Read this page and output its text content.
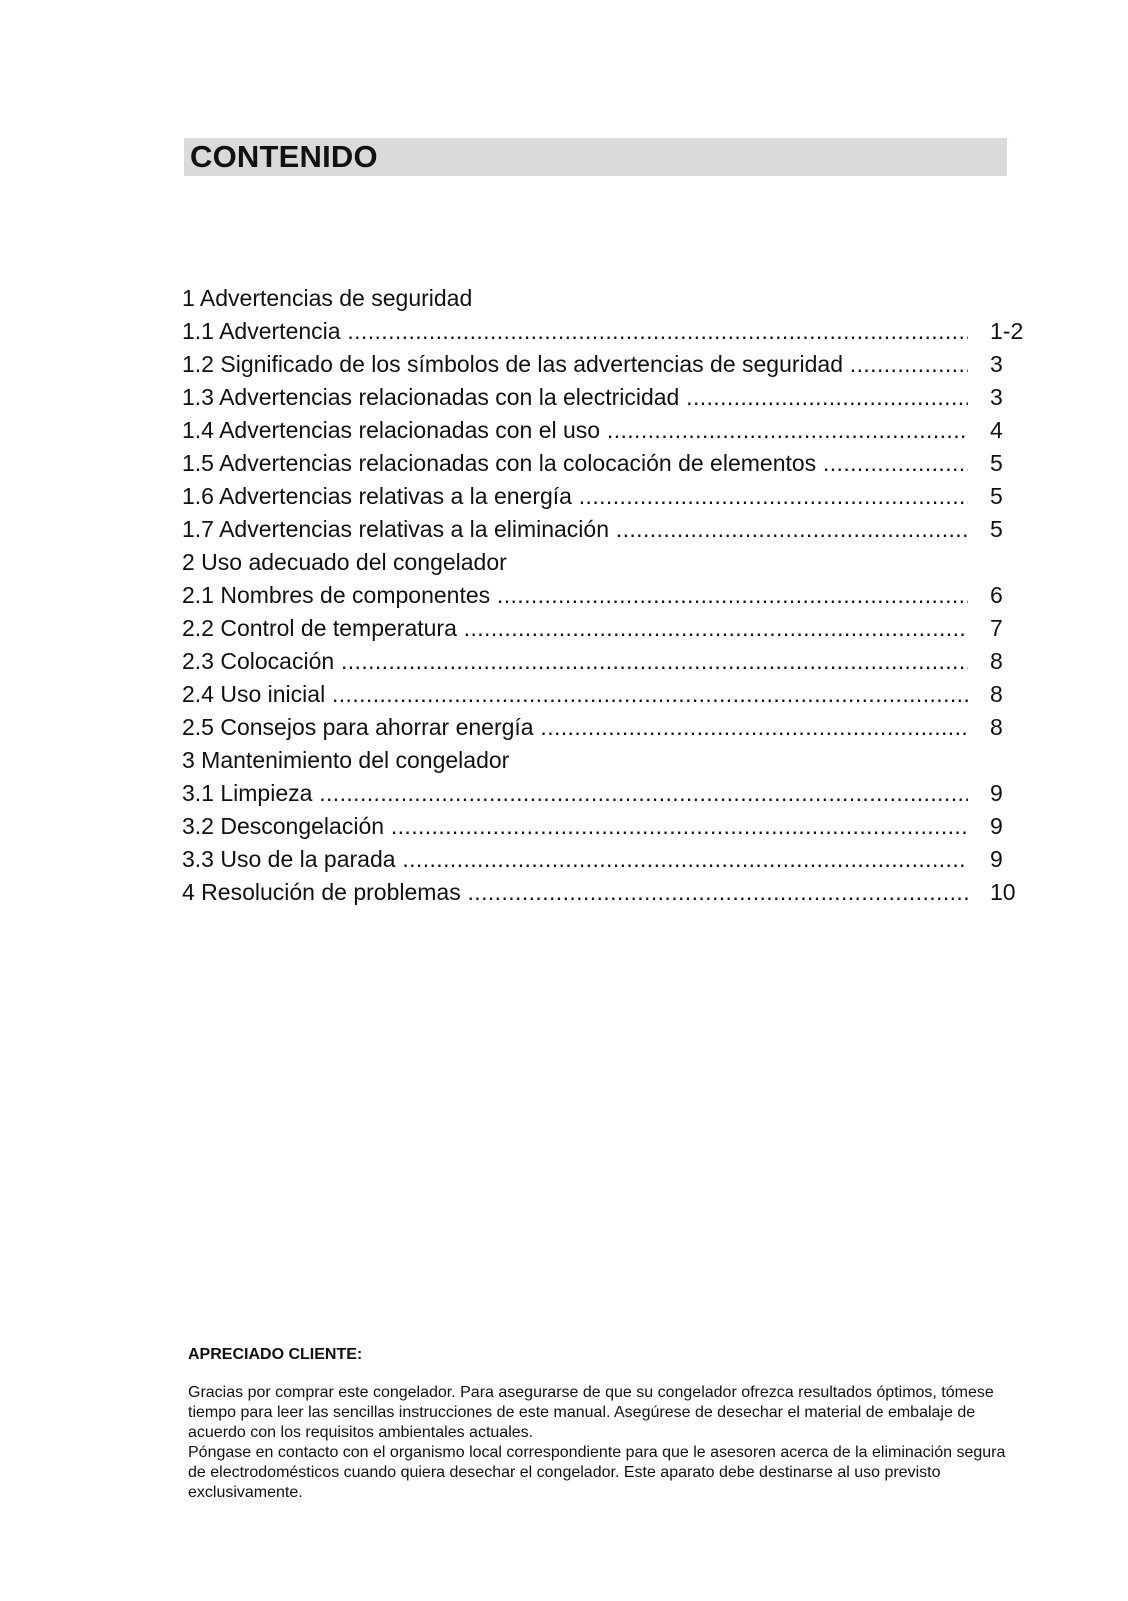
CONTENIDO
1 Advertencias de seguridad
1.1 Advertencia .....	1-2
1.2 Significado de los símbolos de las advertencias de seguridad .....	3
1.3 Advertencias relacionadas con la electricidad .....	3
1.4 Advertencias relacionadas con el uso .....	4
1.5 Advertencias relacionadas con la colocación de elementos .....	5
1.6 Advertencias relativas a la energía .....	5
1.7 Advertencias relativas a la eliminación .....	5
2 Uso adecuado del congelador
2.1 Nombres de componentes .....	6
2.2 Control de temperatura .....	7
2.3 Colocación .....	8
2.4 Uso inicial .....	8
2.5 Consejos para ahorrar energía .....	8
3 Mantenimiento del congelador
3.1 Limpieza .....	9
3.2 Descongelación .....	9
3.3 Uso de la parada .....	9
4 Resolución de problemas .....	10

APRECIADO CLIENTE:

Gracias por comprar este congelador. Para asegurarse de que su congelador ofrezca resultados óptimos, tómese tiempo para leer las sencillas instrucciones de este manual. Asegúrese de desechar el material de embalaje de acuerdo con los requisitos ambientales actuales.

Póngase en contacto con el organismo local correspondiente para que le asesoren acerca de la eliminación segura de electrodomésticos cuando quiera desechar el congelador. Este aparato debe destinarse al uso previsto exclusivamente.
